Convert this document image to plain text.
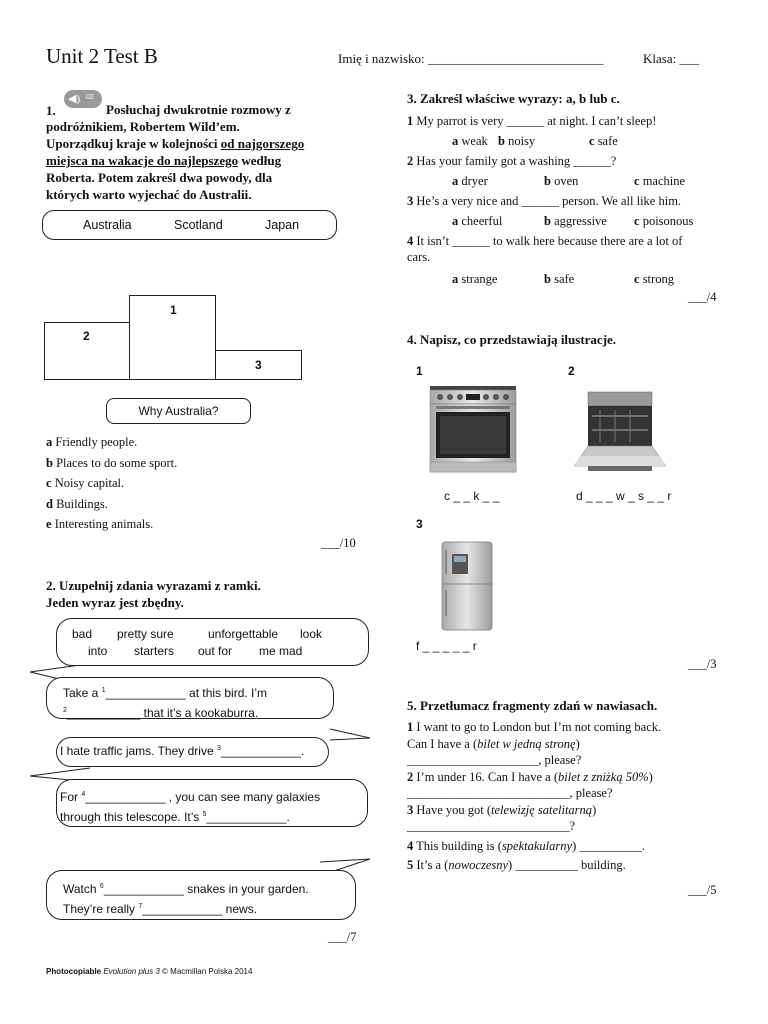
Unit 2 Test B	Imię i nazwisko: ___________________________	Klasa: ___
1.
◀) 02
Posłuchaj dwukrotnie rozmowy z
podróżnikiem, Robertem Wild’em.
Uporządkuj kraje w kolejności od najgorszego
miejsca na wakacje do najlepszego według
Roberta. Potem zakreśl dwa powody, dla
których warto wyjechać do Australii.
Australia	Scotland	Japan
2
1
3
Why Australia?
a Friendly people.
b Places to do some sport.
c Noisy capital.
d Buildings.
e Interesting animals.
___/10
2. Uzupełnij zdania wyrazami z ramki.
Jeden wyraz jest zbędny.
bad pretty sure	unforgettable look
into starters out for me mad
Take a $^1$____________ at this bird. I’m
$^2$___________ that it’s a kookaburra.
I hate traffic jams. They drive $^3$____________.
For $^4$____________ , you can see many galaxies
through this telescope. It’s $^5$____________.
Watch $^6$____________ snakes in your garden.
They’re really $^7$____________ news.
___/7
3. Zakreśl właściwe wyrazy: a, b lub c.
1 My parrot is very ______ at night. I can’t sleep!
a weak b noisy	c safe
2 Has your family got a washing ______?
a dryer	b oven	c machine
3 He’s a very nice and ______ person. We all like him.
a cheerful	b aggressive c poisonous
4 It isn’t ______ to walk here because there are a lot of
cars.
a strange	b safe	c strong
___/4
4. Napisz, co przedstawiają ilustracje.
1	2
3
c _ _ k _ _	d _ _ _ w _ s _ _ r
f _ _ _ _ _ r
___/3
5. Przetłumacz fragmenty zdań w nawiasach.
1 I want to go to London but I’m not coming back.
Can I have a (bilet w jedną stronę)
_____________________, please?
2 I’m under 16. Can I have a (bilet z zniżką 50%)
__________________________, please?
3 Have you got (telewizję satelitarną)
__________________________?
4 This building is (spektakularny) __________.
5 It’s a (nowoczesny) __________ building.
___/5
Photocopiable Evolution plus 3 © Macmillan Polska 2014
